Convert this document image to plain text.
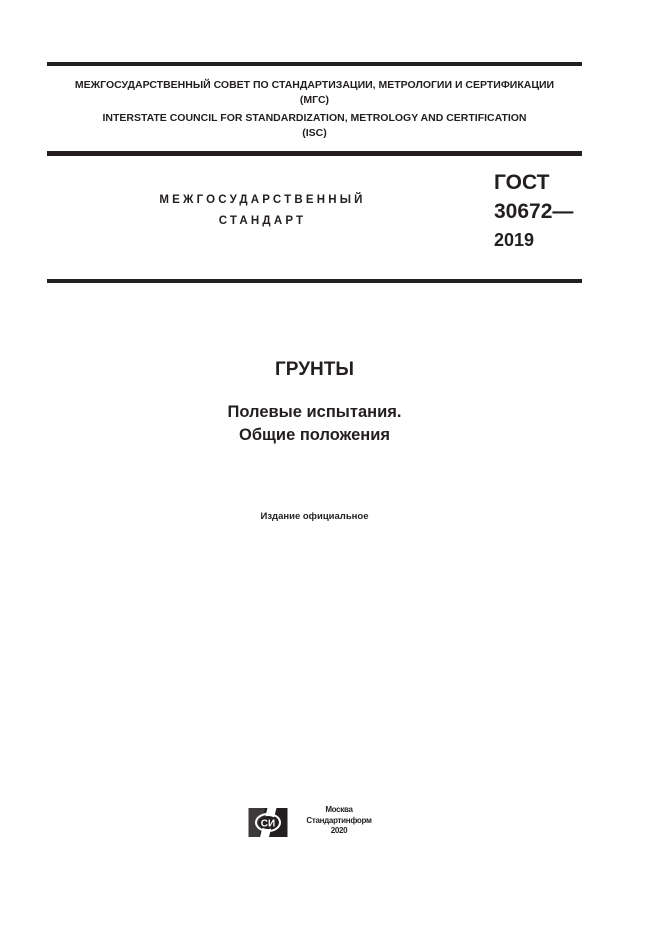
МЕЖГОСУДАРСТВЕННЫЙ СОВЕТ ПО СТАНДАРТИЗАЦИИ, МЕТРОЛОГИИ И СЕРТИФИКАЦИИ
(МГС)
INTERSTATE COUNCIL FOR STANDARDIZATION, METROLOGY AND CERTIFICATION
(ISC)
МЕЖГОСУДАРСТВЕННЫЙ
СТАНДАРТ
ГОСТ
30672—
2019
ГРУНТЫ
Полевые испытания.
Общие положения
Издание официальное
СИ
Москва
Стандартинформ
2020
